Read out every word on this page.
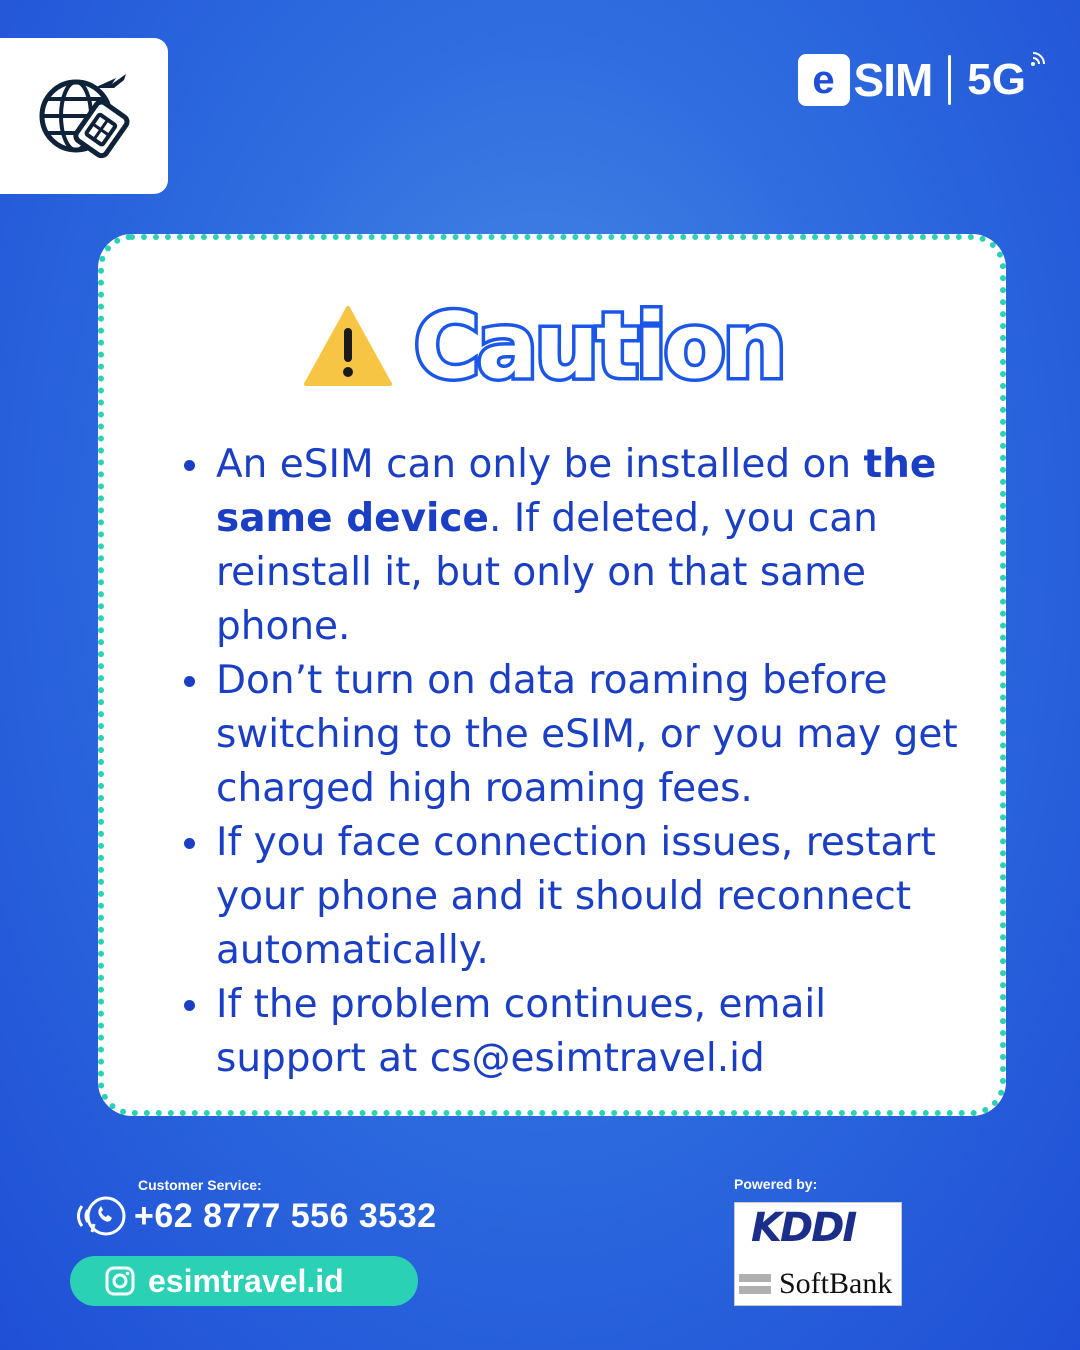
e SIM 5G
Caution
An eSIM can only be installed on the same device. If deleted, you can reinstall it, but only on that same phone.
Don’t turn on data roaming before switching to the eSIM, or you may get charged high roaming fees.
If you face connection issues, restart your phone and it should reconnect automatically.
If the problem continues, email support at cs@esimtravel.id
Customer Service:
+62 8777 556 3532
esimtravel.id
Powered by:
KDDI
SoftBank
